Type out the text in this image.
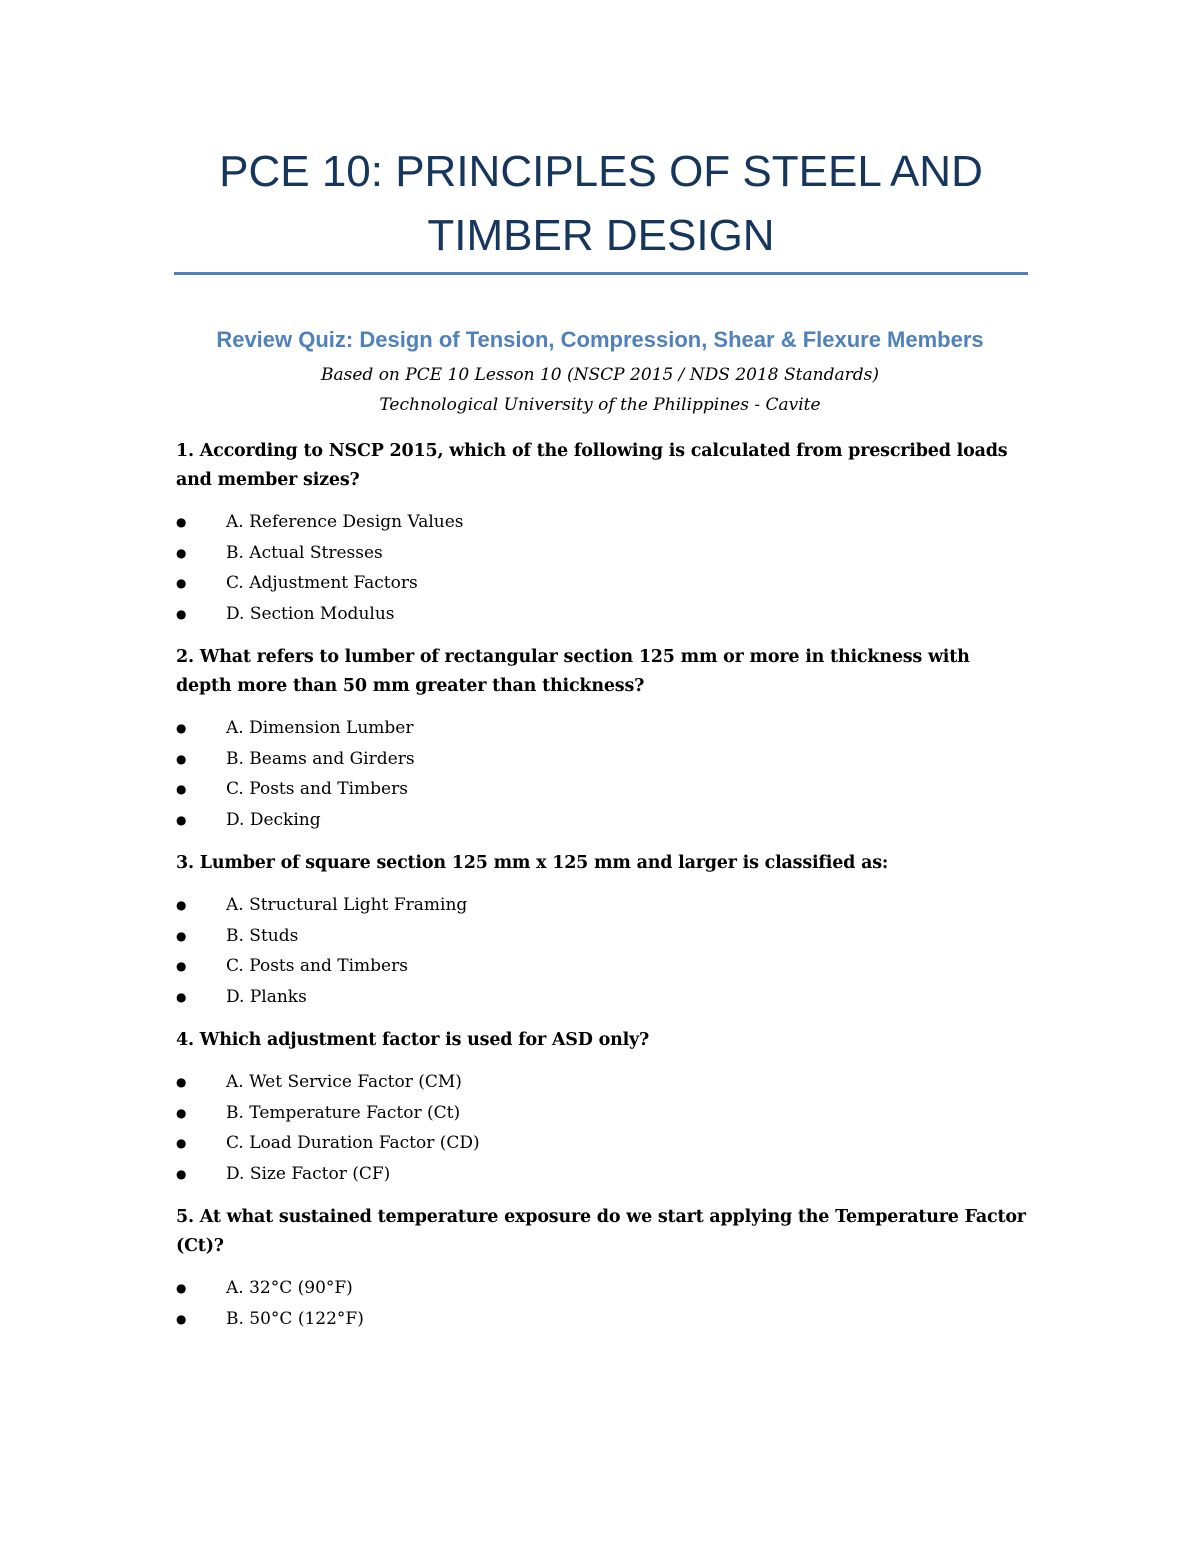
PCE 10: PRINCIPLES OF STEEL AND TIMBER DESIGN
Review Quiz: Design of Tension, Compression, Shear & Flexure Members

Based on PCE 10 Lesson 10 (NSCP 2015 / NDS 2018 Standards)

Technological University of the Philippines - Cavite

1. According to NSCP 2015, which of the following is calculated from prescribed loads and member sizes?

● A. Reference Design Values
● B. Actual Stresses
● C. Adjustment Factors
● D. Section Modulus

2. What refers to lumber of rectangular section 125 mm or more in thickness with depth more than 50 mm greater than thickness?

● A. Dimension Lumber
● B. Beams and Girders
● C. Posts and Timbers
● D. Decking

3. Lumber of square section 125 mm x 125 mm and larger is classified as:

● A. Structural Light Framing
● B. Studs
● C. Posts and Timbers
● D. Planks

4. Which adjustment factor is used for ASD only?

● A. Wet Service Factor (CM)
● B. Temperature Factor (Ct)
● C. Load Duration Factor (CD)
● D. Size Factor (CF)

5. At what sustained temperature exposure do we start applying the Temperature Factor (Ct)?

● A. 32°C (90°F)
● B. 50°C (122°F)
